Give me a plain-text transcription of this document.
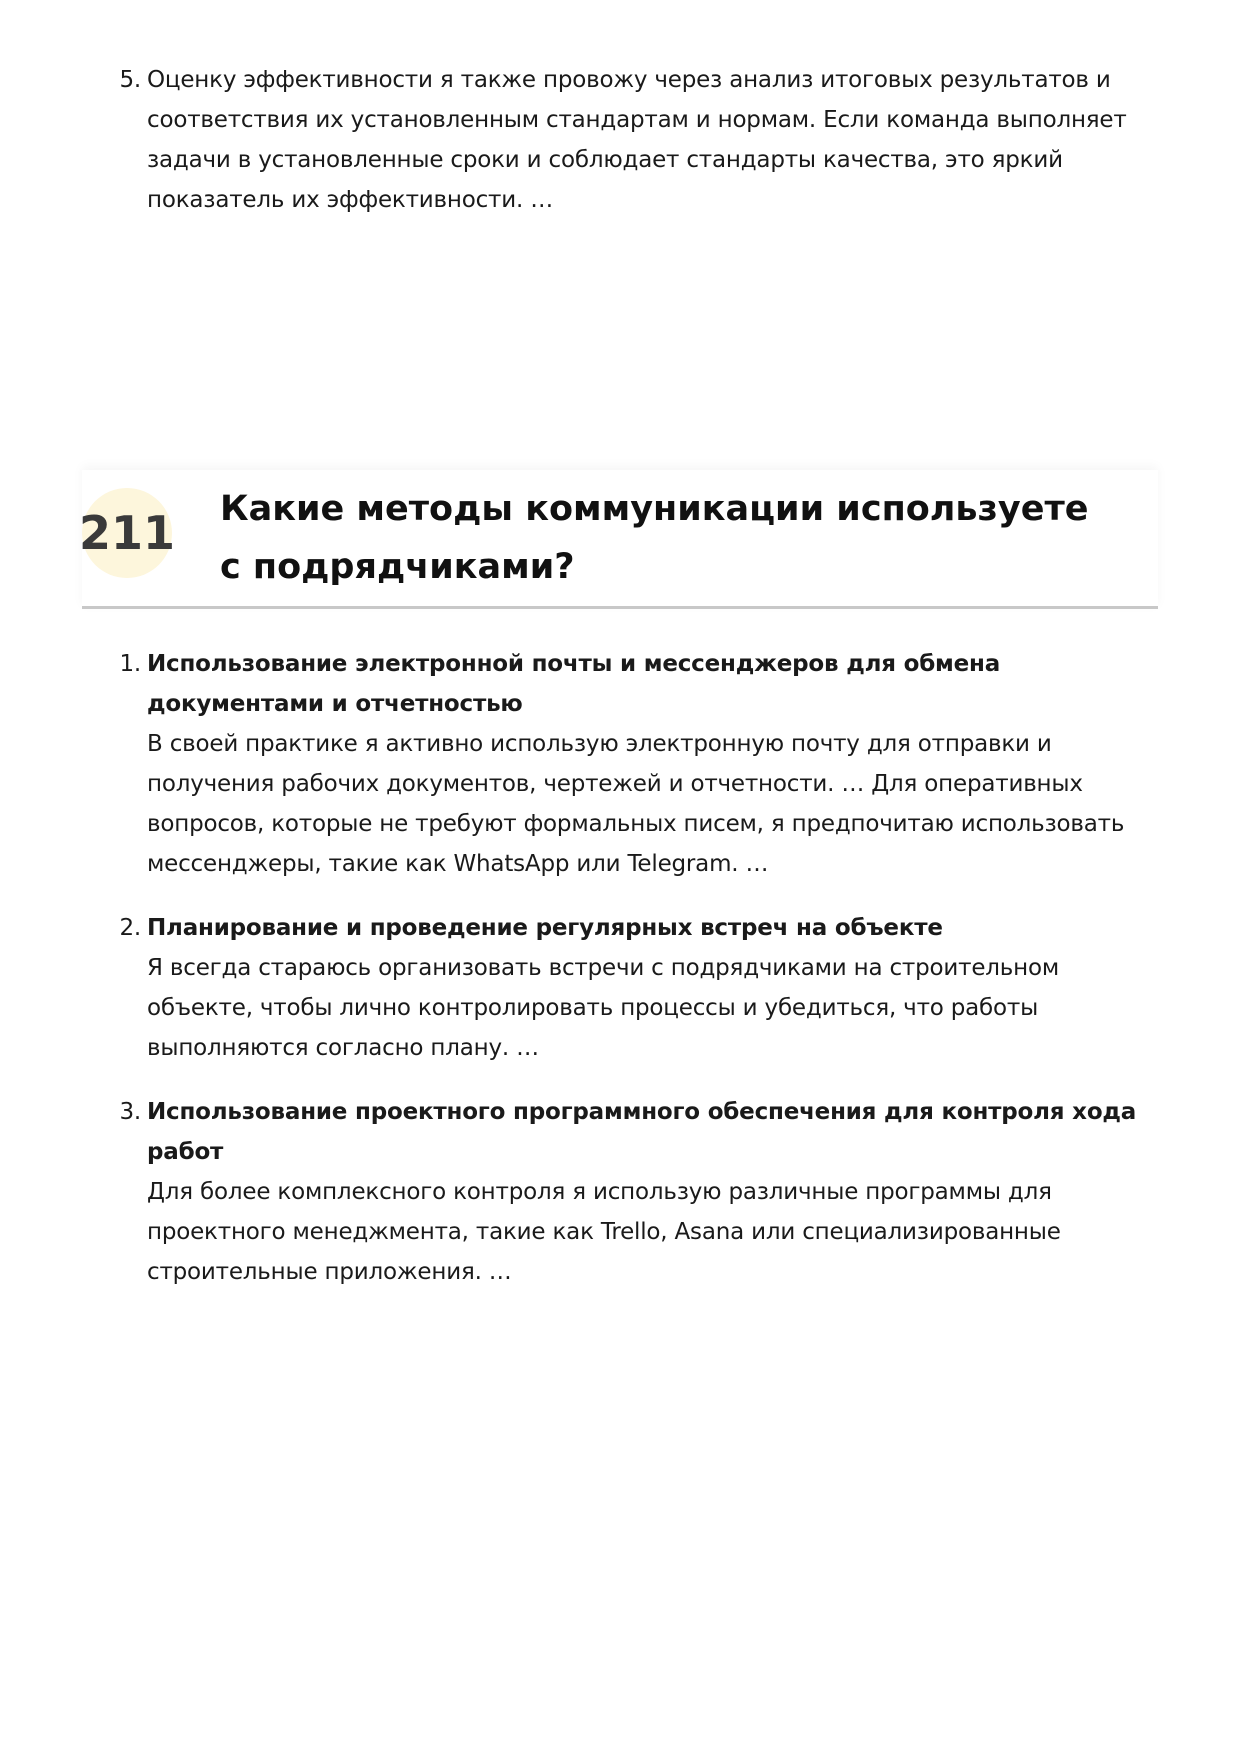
5. Оценку эффективности я также провожу через анализ итоговых результатов и соответствия их установленным стандартам и нормам. Если команда выполняет задачи в установленные сроки и соблюдает стандарты качества, это яркий показатель их эффективности. …
211 Какие методы коммуникации используете с подрядчиками?
1. Использование электронной почты и мессенджеров для обмена документами и отчетностью
В своей практике я активно использую электронную почту для отправки и получения рабочих документов, чертежей и отчетности. … Для оперативных вопросов, которые не требуют формальных писем, я предпочитаю использовать мессенджеры, такие как WhatsApp или Telegram. …
2. Планирование и проведение регулярных встреч на объекте
Я всегда стараюсь организовать встречи с подрядчиками на строительном объекте, чтобы лично контролировать процессы и убедиться, что работы выполняются согласно плану. …
3. Использование проектного программного обеспечения для контроля хода работ
Для более комплексного контроля я использую различные программы для проектного менеджмента, такие как Trello, Asana или специализированные строительные приложения. …
